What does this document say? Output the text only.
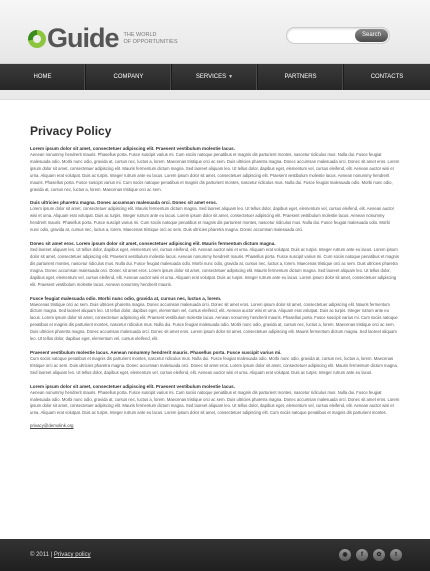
Guide THE WORLD
OF OPPORTUNITIES
Search
HOME	COMPANY	SERVICES ▼	PARTNERS	CONTACTS
Privacy Policy
Lorem ipsum dolor sit amet, consectetuer adipiscing elit. Praesent vestibulum molestie lacus.

Aenean nonummy hendrerit mauris. Phasellus porta. Fusce suscipit varius mi. Cum sociis natoque penatibus et magnis dis parturient montes, nascetur ridiculus mus. Nulla dui. Fusce feugiat malesuada odio. Morbi nunc odio, gravida at, cursus nec, luctus a, lorem. Maecenas tristique orci ac sem. Duis ultricies pharetra magna. Donec accumsan malesuada orci. Donec sit amet eros. Lorem ipsum dolor sit amet, consectetuer adipiscing elit. Mauris fermentum dictum magna. Sed laoreet aliquam leo. Ut tellus dolor, dapibus eget, elementum vel, cursus eleifend, elit. Aenean auctor wisi et urna. Aliquam erat volutpat. Duis ac turpis. Integer rutrum ante eu lacus. Lorem ipsum dolor sit amet, consectetuer adipiscing elit. Praesent vestibulum molestie lacus. Aenean nonummy hendrerit mauris. Phasellus porta. Fusce suscipit varius mi. Cum sociis natoque penatibus et magnis dis parturient montes, nascetur ridiculus mus. Nulla dui. Fusce feugiat malesuada odio. Morbi nunc odio, gravida at, cursus nec, luctus a, lorem. Maecenas tristique orci ac sem.

Duis ultricies pharetra magna. Donec accumsan malesuada orci. Donec sit amet eros.

Lorem ipsum dolor sit amet, consectetuer adipiscing elit. Mauris fermentum dictum magna. Sed laoreet aliquam leo. Ut tellus dolor, dapibus eget, elementum vel, cursus eleifend, elit. Aenean auctor wisi et urna. Aliquam erat volutpat. Duis ac turpis. Integer rutrum ante eu lacus. Lorem ipsum dolor sit amet, consectetuer adipiscing elit. Praesent vestibulum molestie lacus. Aenean nonummy hendrerit mauris. Phasellus porta. Fusce suscipit varius mi. Cum sociis natoque penatibus et magnis dis parturient montes, nascetur ridiculus mus. Nulla dui. Fusce feugiat malesuada odio. Morbi nunc odio, gravida at, cursus nec, luctus a, lorem. Maecenas tristique orci ac sem. Duis ultricies pharetra magna. Donec accumsan malesuada orci.

Donec sit amet eros. Lorem ipsum dolor sit amet, consectetuer adipiscing elit. Mauris fermentum dictum magna.

Sed laoreet aliquam leo. Ut tellus dolor, dapibus eget, elementum vel, cursus eleifend, elit. Aenean auctor wisi et urna. Aliquam erat volutpat. Duis ac turpis. Integer rutrum ante eu lacus. Lorem ipsum dolor sit amet, consectetuer adipiscing elit. Praesent vestibulum molestie lacus. Aenean nonummy hendrerit mauris. Phasellus porta. Fusce suscipit varius mi. Cum sociis natoque penatibus et magnis dis parturient montes, nascetur ridiculus mus. Nulla dui. Fusce feugiat malesuada odio. Morbi nunc odio, gravida at, cursus nec, luctus a, lorem. Maecenas tristique orci ac sem. Duis ultricies pharetra magna. Donec accumsan malesuada orci. Donec sit amet eros. Lorem ipsum dolor sit amet, consectetuer adipiscing elit. Mauris fermentum dictum magna. Sed laoreet aliquam leo. Ut tellus dolor, dapibus eget, elementum vel, cursus eleifend, elit. Aenean auctor wisi et urna. Aliquam erat volutpat. Duis ac turpis. Integer rutrum ante eu lacus. Lorem ipsum dolor sit amet, consectetuer adipiscing elit. Praesent vestibulum molestie lacus. Aenean nonummy hendrerit mauris.

Fusce feugiat malesuada odio. Morbi nunc odio, gravida at, cursus nec, luctus a, lorem.

Maecenas tristique orci ac sem. Duis ultricies pharetra magna. Donec accumsan malesuada orci. Donec sit amet eros. Lorem ipsum dolor sit amet, consectetuer adipiscing elit. Mauris fermentum dictum magna. Sed laoreet aliquam leo. Ut tellus dolor, dapibus eget, elementum vel, cursus eleifend, elit. Aenean auctor wisi et urna. Aliquam erat volutpat. Duis ac turpis. Integer rutrum ante eu lacus. Lorem ipsum dolor sit amet, consectetuer adipiscing elit. Praesent vestibulum molestie lacus. Aenean nonummy hendrerit mauris. Phasellus porta. Fusce suscipit varius mi. Cum sociis natoque penatibus et magnis dis parturient montes, nascetur ridiculus mus. Nulla dui. Fusce feugiat malesuada odio. Morbi nunc odio, gravida at, cursus nec, luctus a, lorem. Maecenas tristique orci ac sem. Duis ultricies pharetra magna. Donec accumsan malesuada orci. Donec sit amet eros. Lorem ipsum dolor sit amet, consectetuer adipiscing elit. Mauris fermentum dictum magna. Sed laoreet aliquam leo. Ut tellus dolor, dapibus eget, elementum vel, cursus eleifend, elit.

Praesent vestibulum molestie lacus. Aenean nonummy hendrerit mauris. Phasellus porta. Fusce suscipit varius mi.

Cum sociis natoque penatibus et magnis dis parturient montes, nascetur ridiculus mus. Nulla dui. Fusce feugiat malesuada odio. Morbi nunc odio, gravida at, cursus nec, luctus a, lorem. Maecenas tristique orci ac sem. Duis ultricies pharetra magna. Donec accumsan malesuada orci. Donec sit amet eros. Lorem ipsum dolor sit amet, consectetuer adipiscing elit. Mauris fermentum dictum magna. Sed laoreet aliquam leo. Ut tellus dolor, dapibus eget, elementum vel, cursus eleifend, elit. Aenean auctor wisi et urna. Aliquam erat volutpat. Duis ac turpis. Integer rutrum ante eu lacus.

Lorem ipsum dolor sit amet, consectetuer adipiscing elit. Praesent vestibulum molestie lacus.

Aenean nonummy hendrerit mauris. Phasellus porta. Fusce suscipit varius mi. Cum sociis natoque penatibus et magnis dis parturient montes, nascetur ridiculus mus. Nulla dui. Fusce feugiat malesuada odio. Morbi nunc odio, gravida at, cursus nec, luctus a, lorem. Maecenas tristique orci ac sem. Duis ultricies pharetra magna. Donec accumsan malesuada orci. Donec sit amet eros. Lorem ipsum dolor sit amet, consectetuer adipiscing elit. Mauris fermentum dictum magna. Sed laoreet aliquam leo. Ut tellus dolor, dapibus eget, elementum vel, cursus eleifend, elit. Aenean auctor wisi et urna. Aliquam erat volutpat. Duis ac turpis. Integer rutrum ante eu lacus. Lorem ipsum dolor sit amet, consectetuer adipiscing elit. Cum sociis natoque penatibus et magnis dis parturient montes.

privacy@demolink.org
© 2011 | Privacy policy	◉	f	✿	t
